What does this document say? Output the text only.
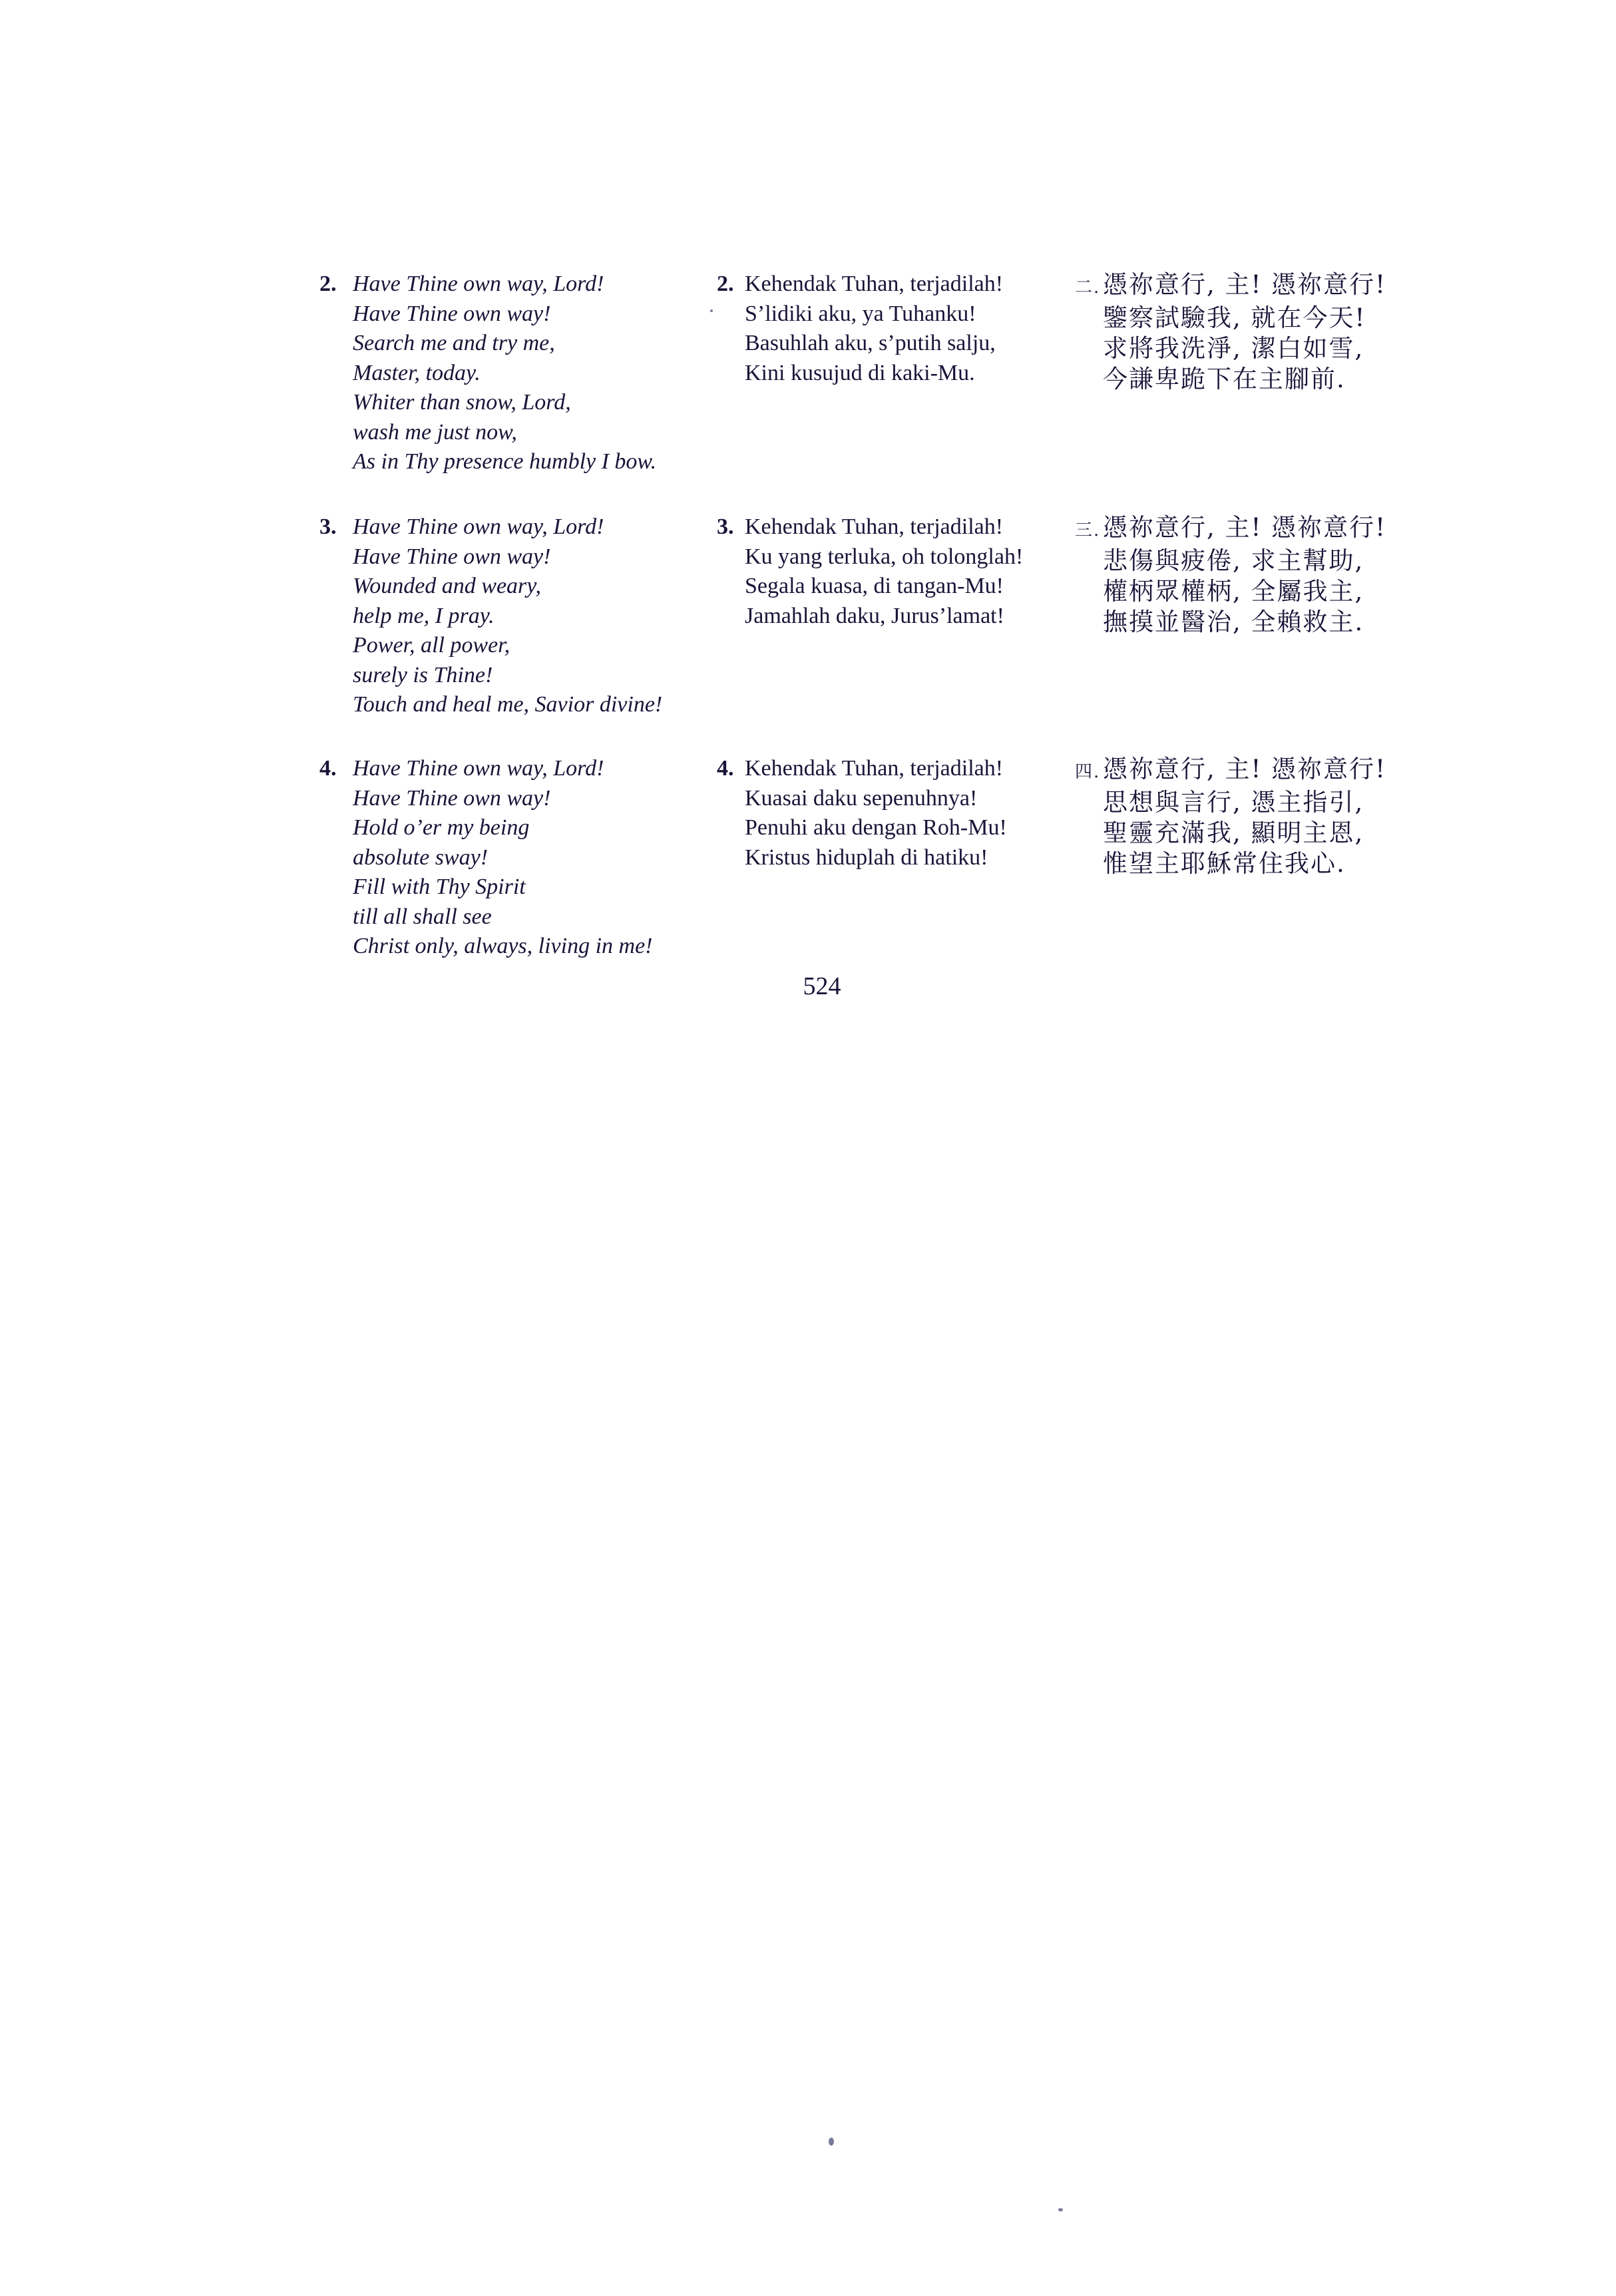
2. Have Thine own way, Lord!
Have Thine own way!
Search me and try me,
Master, today.
Whiter than snow, Lord,
wash me just now,
As in Thy presence humbly I bow.
2. Kehendak Tuhan, terjadilah!
S’lidiki aku, ya Tuhanku!
Basuhlah aku, s’putih salju,
Kini kusujud di kaki-Mu.
二. 憑祢意行, 主! 憑祢意行!
鑒察試驗我, 就在今天!
求將我洗淨, 潔白如雪,
今謙卑跪下在主腳前.
3. Have Thine own way, Lord!
Have Thine own way!
Wounded and weary,
help me, I pray.
Power, all power,
surely is Thine!
Touch and heal me, Savior divine!
3. Kehendak Tuhan, terjadilah!
Ku yang terluka, oh tolonglah!
Segala kuasa, di tangan-Mu!
Jamahlah daku, Jurus’lamat!
三. 憑祢意行, 主! 憑祢意行!
悲傷與疲倦, 求主幫助,
權柄眾權柄, 全屬我主,
撫摸並醫治, 全賴救主.
4. Have Thine own way, Lord!
Have Thine own way!
Hold o’er my being
absolute sway!
Fill with Thy Spirit
till all shall see
Christ only, always, living in me!
4. Kehendak Tuhan, terjadilah!
Kuasai daku sepenuhnya!
Penuhi aku dengan Roh-Mu!
Kristus hiduplah di hatiku!
四. 憑祢意行, 主! 憑祢意行!
思想與言行, 憑主指引,
聖靈充滿我, 顯明主恩,
惟望主耶穌常住我心.
524
